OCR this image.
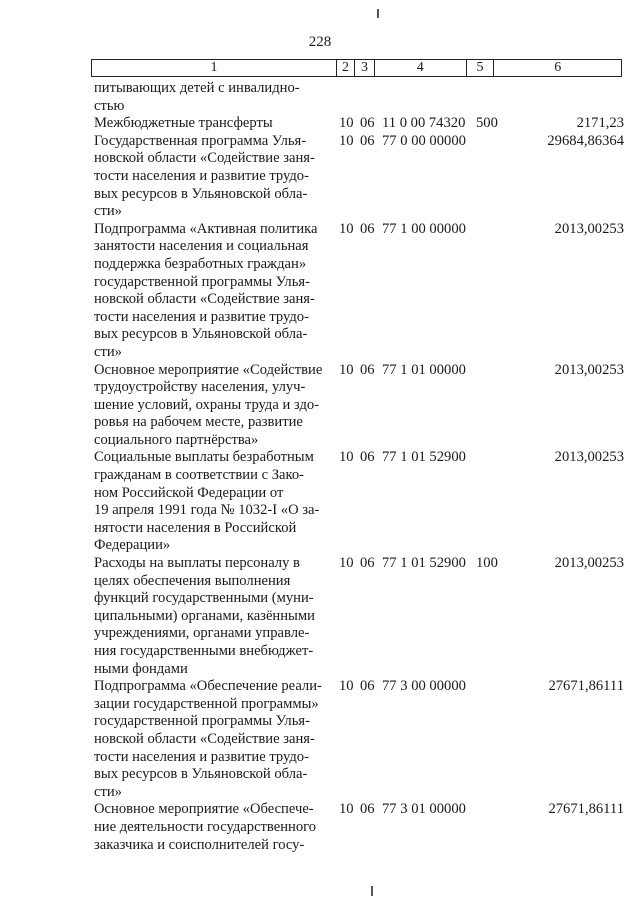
228
1	2 3	4	5	6
питывающих детей с инвалидно-
стью
Межбюджетные трансферты	10 06 11 0 00 74320 500	2171,23
Государственная программа Улья-
новской области «Содействие заня-
тости населения и развитие трудо-
вых ресурсов в Ульяновской обла-
сти»
10 06 77 0 00 00000	29684,86364
Подпрограмма «Активная политика
занятости населения и социальная
поддержка безработных граждан»
государственной программы Улья-
новской области «Содействие заня-
тости населения и развитие трудо-
вых ресурсов в Ульяновской обла-
сти»
10 06 77 1 00 00000	2013,00253
Основное мероприятие «Содействие
трудоустройству населения, улуч-
шение условий, охраны труда и здо-
ровья на рабочем месте, развитие
социального партнёрства»
10 06 77 1 01 00000	2013,00253
Социальные выплаты безработным
гражданам в соответствии с Зако-
ном Российской Федерации от
19 апреля 1991 года № 1032-I «О за-
нятости населения в Российской
Федерации»
10 06 77 1 01 52900	2013,00253
Расходы на выплаты персоналу в
целях обеспечения выполнения
функций государственными (муни-
ципальными) органами, казёнными
учреждениями, органами управле-
ния государственными внебюджет-
ными фондами
10 06 77 1 01 52900 100	2013,00253
Подпрограмма «Обеспечение реали-
зации государственной программы»
государственной программы Улья-
новской области «Содействие заня-
тости населения и развитие трудо-
вых ресурсов в Ульяновской обла-
сти»
10 06 77 3 00 00000	27671,86111
Основное мероприятие «Обеспече-
ние деятельности государственного
заказчика и соисполнителей госу-
10 06 77 3 01 00000	27671,86111
